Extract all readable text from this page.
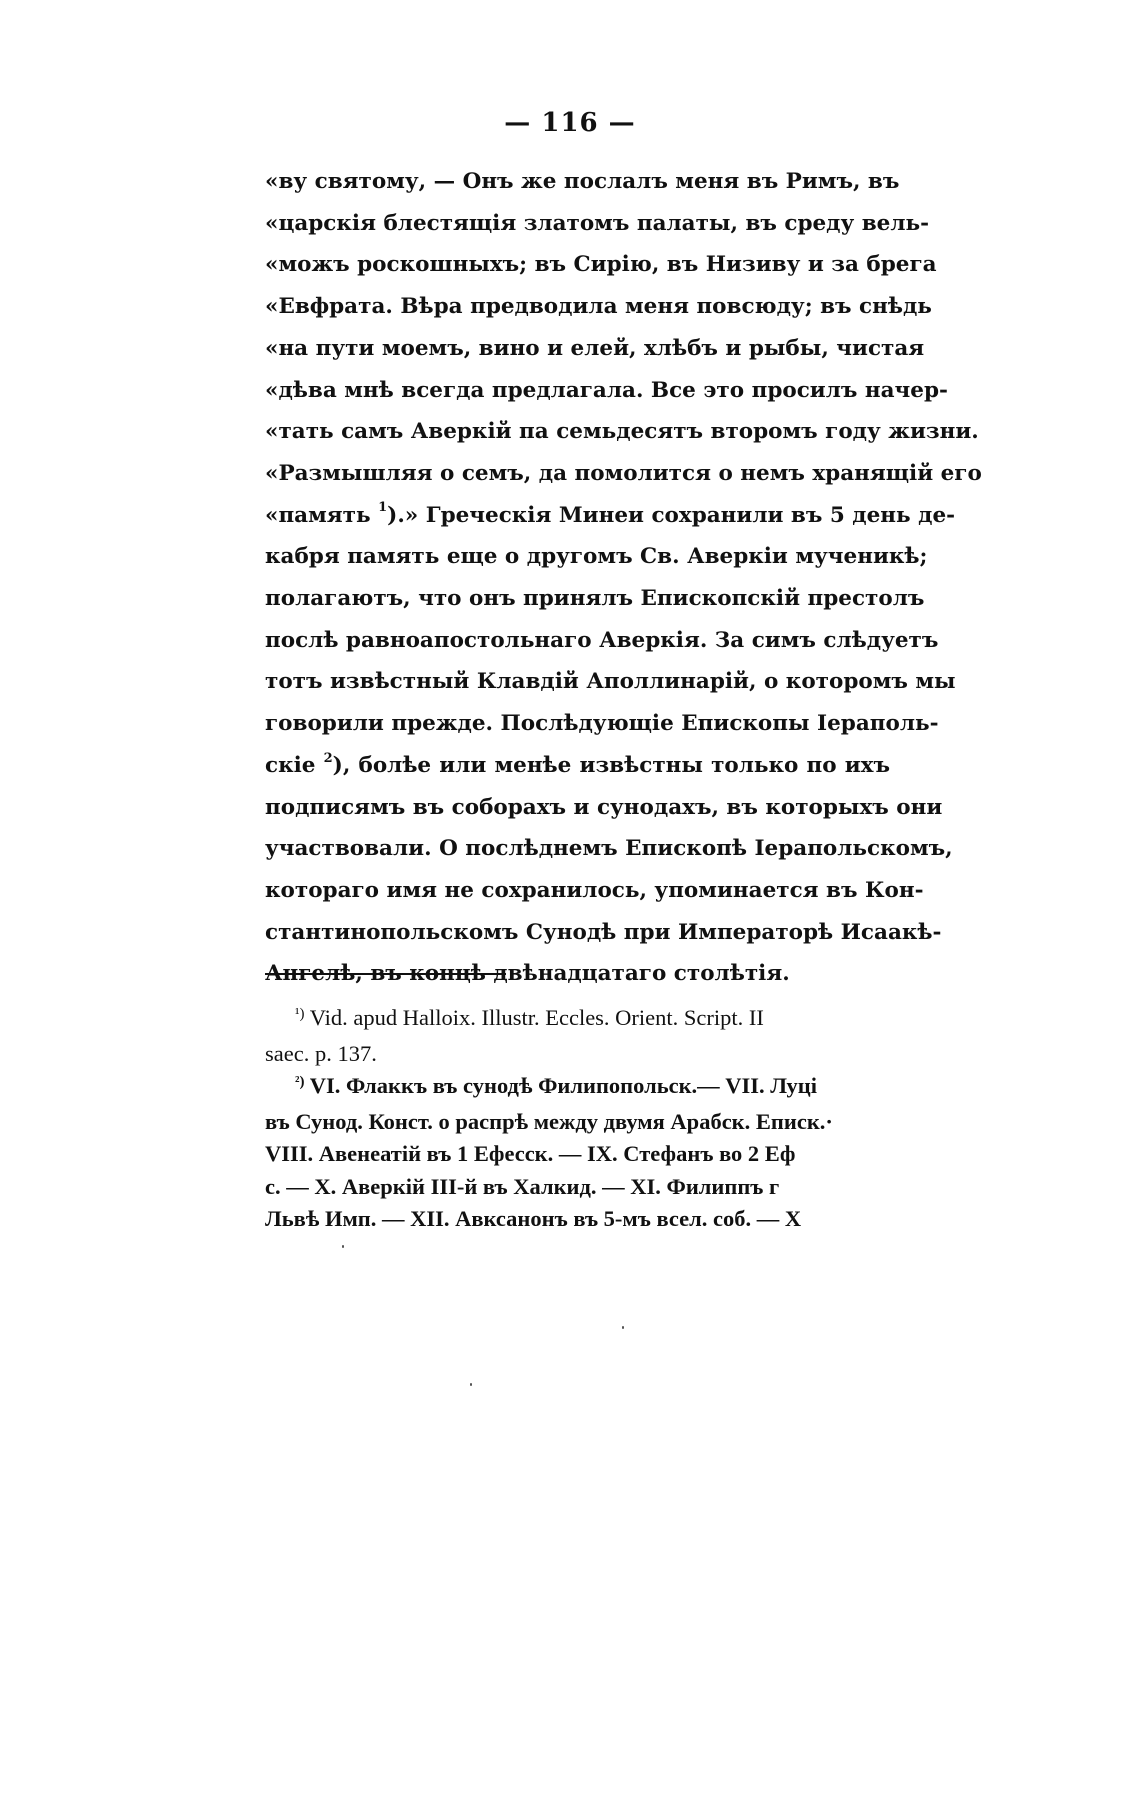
— 116 —
«ву святому, — Онъ же послалъ меня въ Римъ, въ
«царскія блестящія златомъ палаты, въ среду вель-
«можъ роскошныхъ; въ Сирію, въ Низиву и за брега
«Евфрата. Вѣра предводила меня повсюду; въ снѣдь
«на пути моемъ, вино и елей, хлѣбъ и рыбы, чистая
«дѣва мнѣ всегда предлагала. Все это просилъ начер-
«тать самъ Аверкій па семьдесятъ второмъ году жизни.
«Размышляя о семъ, да помолится о немъ хранящій его
«память $^1$).» Греческія Минеи сохранили въ 5 день де-
кабря память еще о другомъ Св. Аверкіи мученикѣ;
полагаютъ, что онъ принялъ Епископскій престолъ
послѣ равноапостольнаго Аверкія. За симъ слѣдуетъ
тотъ извѣстный Клавдій Аполлинарій, о которомъ мы
говорили прежде. Послѣдующіе Епископы Іераполь-
скіе $^2$), болѣе или менѣе извѣстны только по ихъ
подписямъ въ соборахъ и сунодахъ, въ которыхъ они
участвовали. О послѣднемъ Епископѣ Іерапольскомъ,
котораго имя не сохранилось, упоминается въ Кон-
стантинопольскомъ Сунодѣ при Императорѣ Исаакѣ-
Ангелѣ, въ концѣ двѣнадцатаго столѣтія.
$^{^1)}$ Vid. apud Halloix. Illustr. Eccles. Orient. Script. II
saec. p. 137.
$^{^2)}$ VI. Флаккъ въ сунодѣ Филипопольск.— VII. Луці
въ Сунод. Конст. о распрѣ между двумя Арабск. Еписк.·
VIII. Авенеатій въ 1 Ефесск. — IX. Стефанъ во 2 Еф
с. — X. Аверкій III-й въ Халкид. — XI. Филиппъ г
Львѣ Имп. — XII. Авксанонъ въ 5-мъ всел. соб. — X
